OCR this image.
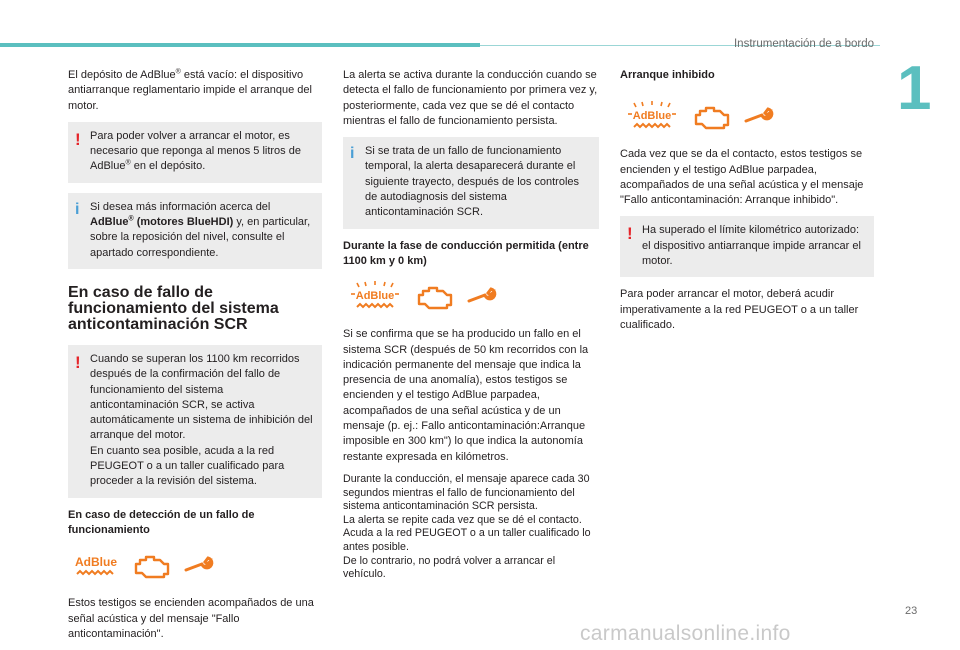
Instrumentación de a bordo
1

El depósito de AdBlue® está vacío: el dispositivo antiarranque reglamentario impide el arranque del motor.

! Para poder volver a arrancar el motor, es necesario que reponga al menos 5 litros de AdBlue® en el depósito.

i Si desea más información acerca del AdBlue® (motores BlueHDI) y, en particular, sobre la reposición del nivel, consulte el apartado correspondiente.

En caso de fallo de funcionamiento del sistema anticontaminación SCR
! Cuando se superan los 1100 km recorridos después de la confirmación del fallo de funcionamiento del sistema anticontaminación SCR, se activa automáticamente un sistema de inhibición del arranque del motor.

En cuanto sea posible, acuda a la red PEUGEOT o a un taller cualificado para proceder a la revisión del sistema.

En caso de detección de un fallo de funcionamiento

AdBlue

Estos testigos se encienden acompañados de una señal acústica y del mensaje "Fallo anticontaminación".

La alerta se activa durante la conducción cuando se detecta el fallo de funcionamiento por primera vez y, posteriormente, cada vez que se dé el contacto mientras el fallo de funcionamiento persista.

i Si se trata de un fallo de funcionamiento temporal, la alerta desaparecerá durante el siguiente trayecto, después de los controles de autodiagnosis del sistema anticontaminación SCR.

Durante la fase de conducción permitida (entre 1100 km y 0 km)

AdBlue

Si se confirma que se ha producido un fallo en el sistema SCR (después de 50 km recorridos con la indicación permanente del mensaje que indica la presencia de una anomalía), estos testigos se encienden y el testigo AdBlue parpadea, acompañados de una señal acústica y de un mensaje (p. ej.: Fallo anticontaminación:Arranque imposible en 300 km") lo que indica la autonomía restante expresada en kilómetros.

Durante la conducción, el mensaje aparece cada 30 segundos mientras el fallo de funcionamiento del sistema anticontaminación SCR persista.

La alerta se repite cada vez que se dé el contacto.

Acuda a la red PEUGEOT o a un taller cualificado lo antes posible.

De lo contrario, no podrá volver a arrancar el vehículo.

Arranque inhibido

AdBlue

Cada vez que se da el contacto, estos testigos se encienden y el testigo AdBlue parpadea, acompañados de una señal acústica y el mensaje "Fallo anticontaminación: Arranque inhibido".

! Ha superado el límite kilométrico autorizado: el dispositivo antiarranque impide arrancar el motor.

Para poder arrancar el motor, deberá acudir imperativamente a la red PEUGEOT o a un taller cualificado.

23
carmanualsonline.info
